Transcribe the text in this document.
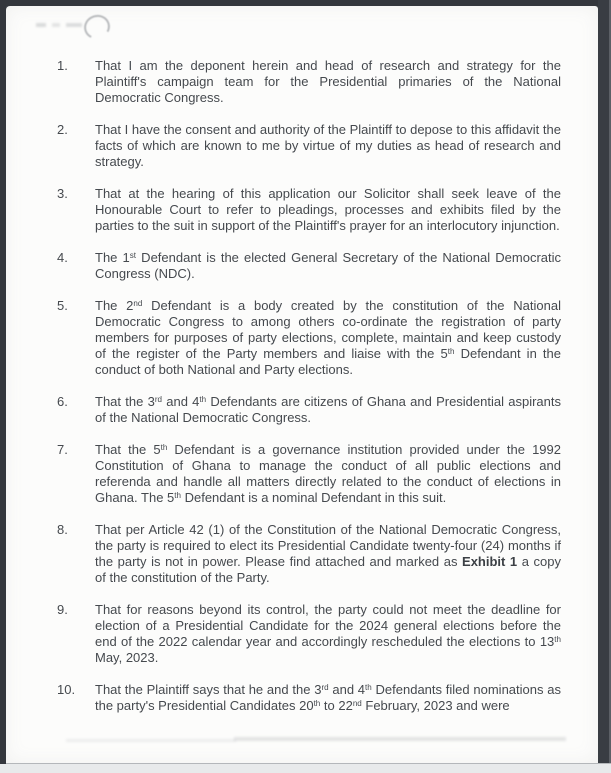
1.	That I am the deponent herein and head of research and strategy for the Plaintiff's campaign team for the Presidential primaries of the National Democratic Congress.
2.	That I have the consent and authority of the Plaintiff to depose to this affidavit the facts of which are known to me by virtue of my duties as head of research and strategy.
3.	That at the hearing of this application our Solicitor shall seek leave of the Honourable Court to refer to pleadings, processes and exhibits filed by the parties to the suit in support of the Plaintiff's prayer for an interlocutory injunction.
4.	The 1st Defendant is the elected General Secretary of the National Democratic Congress (NDC).
5.	The 2nd Defendant is a body created by the constitution of the National Democratic Congress to among others co-ordinate the registration of party members for purposes of party elections, complete, maintain and keep custody of the register of the Party members and liaise with the 5th Defendant in the conduct of both National and Party elections.
6.	That the 3rd and 4th Defendants are citizens of Ghana and Presidential aspirants of the National Democratic Congress.
7.	That the 5th Defendant is a governance institution provided under the 1992 Constitution of Ghana to manage the conduct of all public elections and referenda and handle all matters directly related to the conduct of elections in Ghana. The 5th Defendant is a nominal Defendant in this suit.
8.	That per Article 42 (1) of the Constitution of the National Democratic Congress, the party is required to elect its Presidential Candidate twenty-four (24) months if the party is not in power. Please find attached and marked as Exhibit 1 a copy of the constitution of the Party.
9.	That for reasons beyond its control, the party could not meet the deadline for election of a Presidential Candidate for the 2024 general elections before the end of the 2022 calendar year and accordingly rescheduled the elections to 13th May, 2023.
10.	That the Plaintiff says that he and the 3rd and 4th Defendants filed nominations as the party's Presidential Candidates 20th to 22nd February, 2023 and were
